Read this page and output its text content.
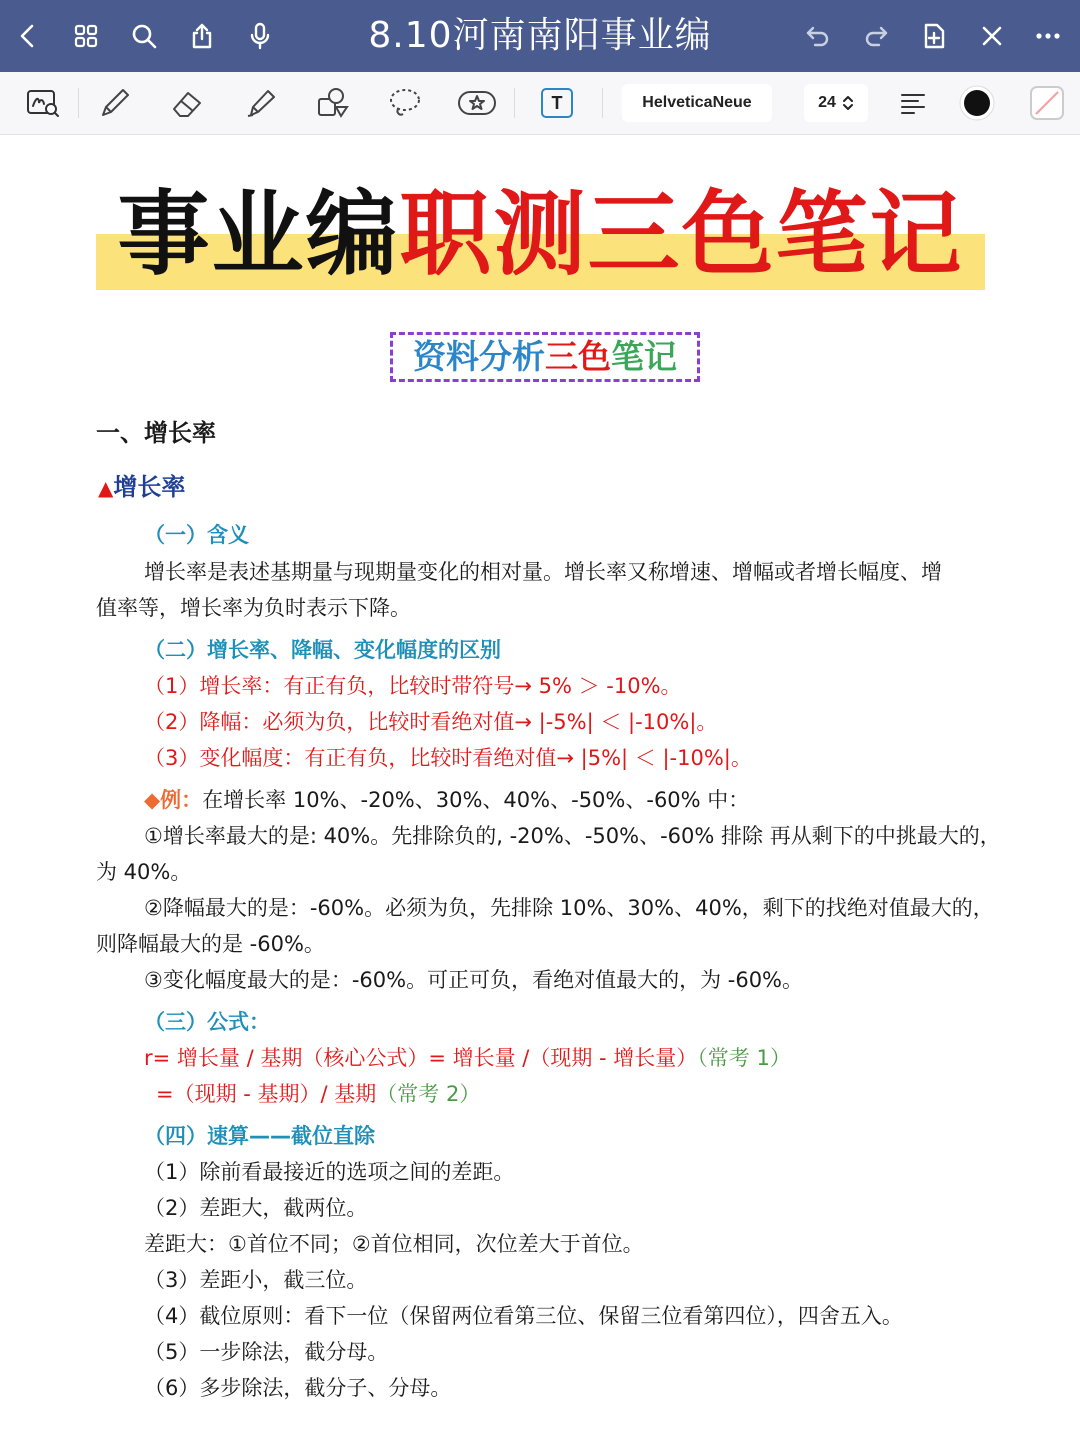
8.10河南南阳事业编
T	HelveticaNeue	24
事业编职测三色笔记
资料分析三色笔记
一、增长率
▲增长率
（一）含义
增长率是表述基期量与现期量变化的相对量。增长率又称增速、增幅或者增长幅度、增
值率等，增长率为负时表示下降。
（二）增长率、降幅、变化幅度的区别
（1）增长率：有正有负，比较时带符号→ 5% ＞ -10%。
（2）降幅：必须为负，比较时看绝对值→ |-5%| ＜ |-10%|。
（3）变化幅度：有正有负，比较时看绝对值→ |5%| ＜ |-10%|。
◆例：在增长率 10%、-20%、30%、40%、-50%、-60% 中：
①增长率最大的是: 40%。先排除负的, -20%、-50%、-60% 排除 再从剩下的中挑最大的，
为 40%。
②降幅最大的是：-60%。必须为负，先排除 10%、30%、40%，剩下的找绝对值最大的，
则降幅最大的是 -60%。
③变化幅度最大的是：-60%。可正可负，看绝对值最大的，为 -60%。
（三）公式：
r= 增长量 / 基期（核心公式）= 增长量 /（现期 - 增长量）（常考 1）
=（现期 - 基期）/ 基期（常考 2）
（四）速算——截位直除
（1）除前看最接近的选项之间的差距。
（2）差距大，截两位。
差距大：①首位不同；②首位相同，次位差大于首位。
（3）差距小，截三位。
（4）截位原则：看下一位（保留两位看第三位、保留三位看第四位），四舍五入。
（5）一步除法，截分母。
（6）多步除法，截分子、分母。
